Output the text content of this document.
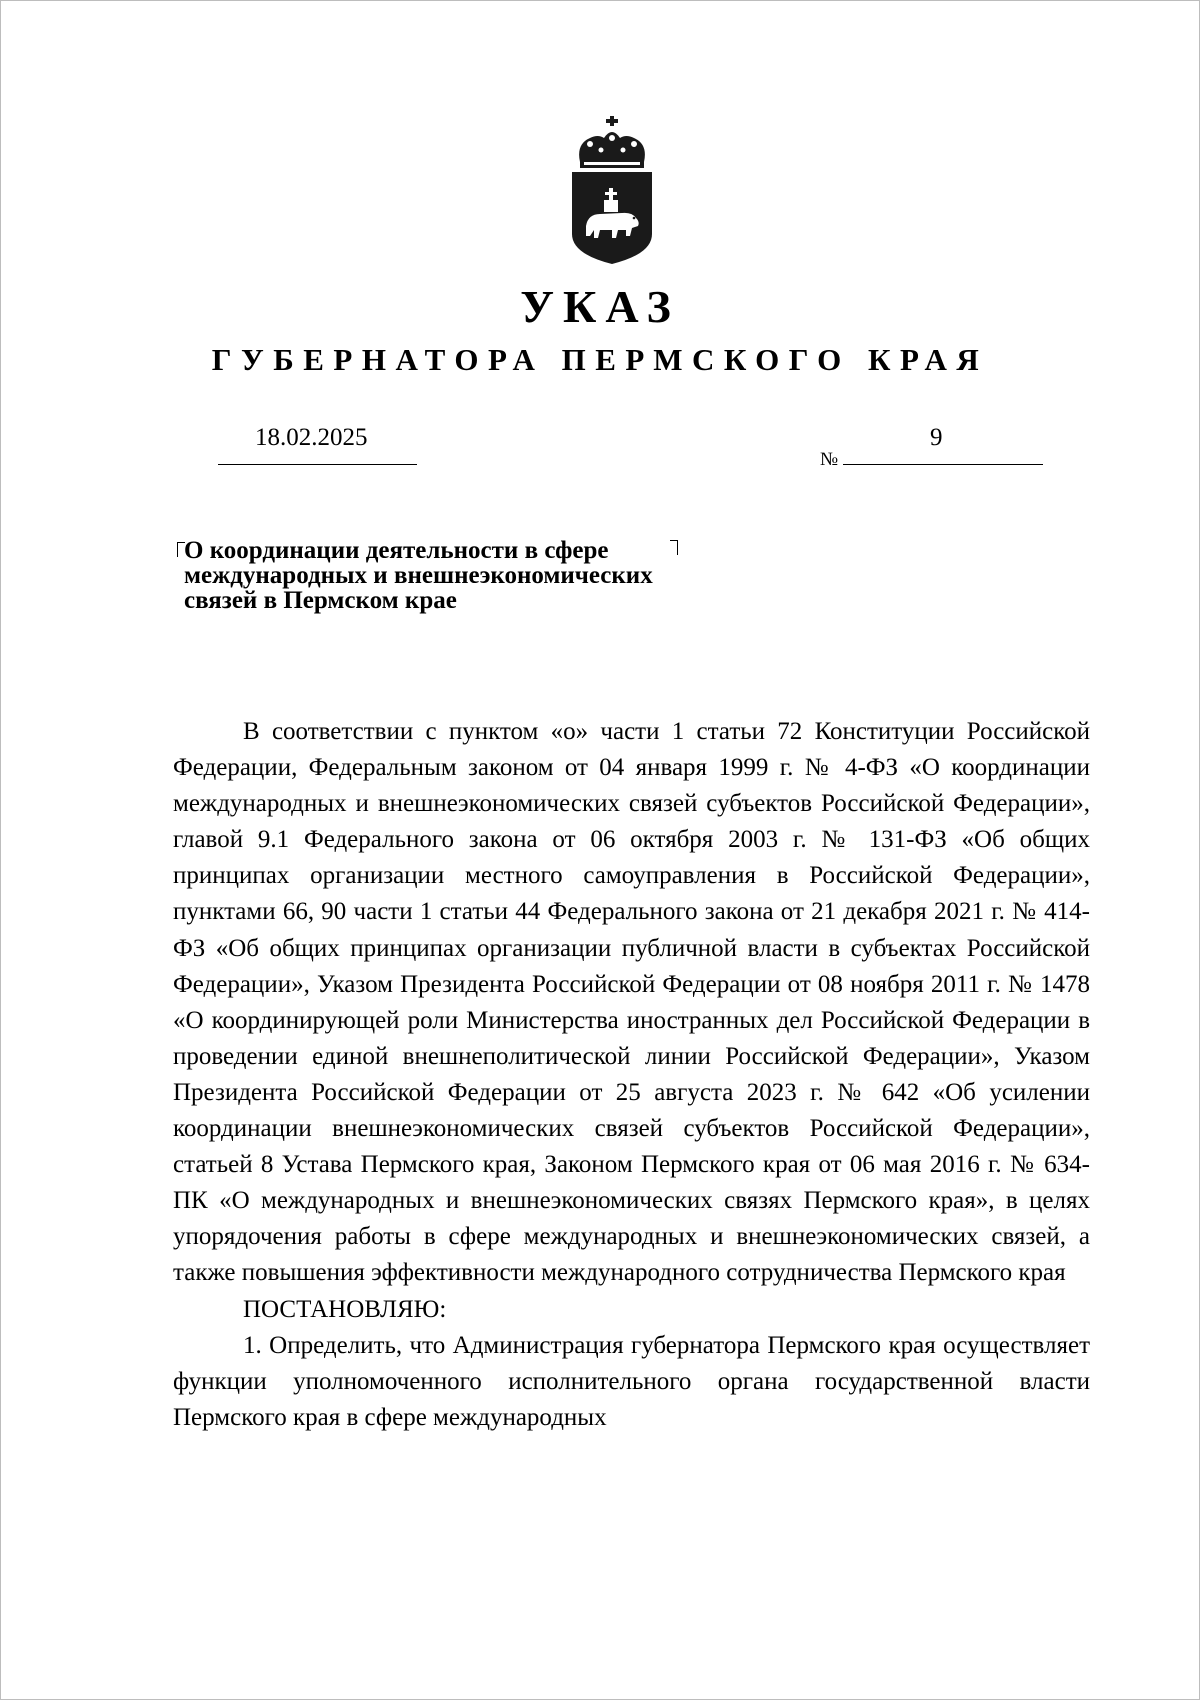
УКАЗ
ГУБЕРНАТОРА ПЕРМСКОГО КРАЯ
18.02.2025
№
9
О координации деятельности в сфере
международных и внешнеэкономических
связей в Пермском крае

В соответствии с пунктом «о» части 1 статьи 72 Конституции Российской Федерации, Федеральным законом от 04 января 1999 г. № 4-ФЗ «О координации международных и внешнеэкономических связей субъектов Российской Федерации», главой 9.1 Федерального закона от 06 октября 2003 г. № 131-ФЗ «Об общих принципах организации местного самоуправления в Российской Федерации», пунктами 66, 90 части 1 статьи 44 Федерального закона от 21 декабря 2021 г. № 414-ФЗ «Об общих принципах организации публичной власти в субъектах Российской Федерации», Указом Президента Российской Федерации от 08 ноября 2011 г. № 1478 «О координирующей роли Министерства иностранных дел Российской Федерации в проведении единой внешнеполитической линии Российской Федерации», Указом Президента Российской Федерации от 25 августа 2023 г. № 642 «Об усилении координации внешнеэкономических связей субъектов Российской Федерации», статьей 8 Устава Пермского края, Законом Пермского края от 06 мая 2016 г. № 634-ПК «О международных и внешнеэкономических связях Пермского края», в целях упорядочения работы в сфере международных и внешнеэкономических связей, а также повышения эффективности международного сотрудничества Пермского края

ПОСТАНОВЛЯЮ:

1. Определить, что Администрация губернатора Пермского края осуществляет функции уполномоченного исполнительного органа государственной власти Пермского края в сфере международных
